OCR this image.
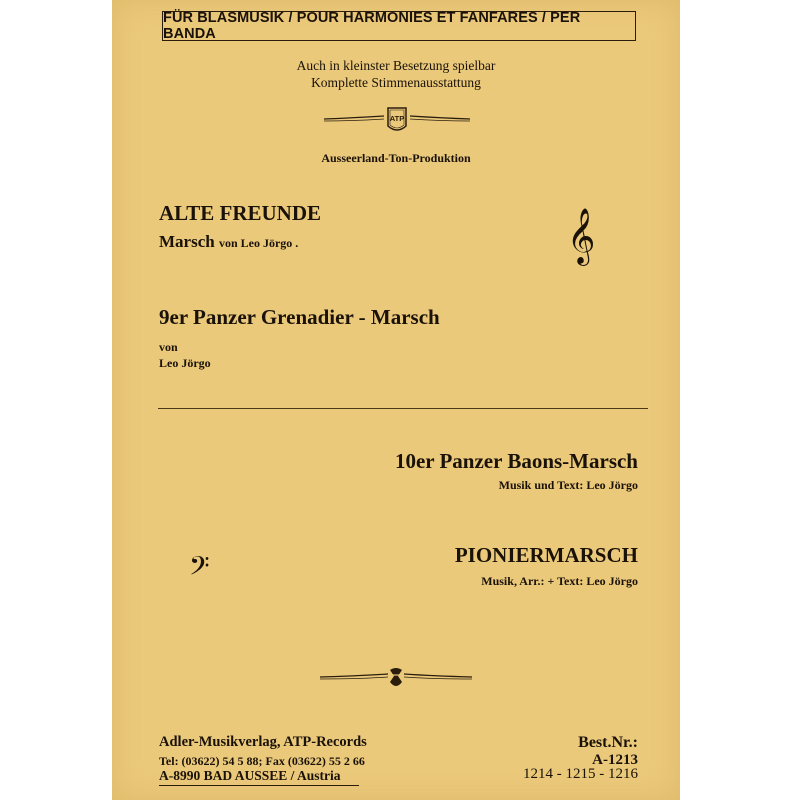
FÜR BLASMUSIK / POUR HARMONIES ET FANFARES / PER BANDA
Auch in kleinster Besetzung spielbar
Komplette Stimmenausstattung
ATP
Ausseerland-Ton-Produktion
ALTE FREUNDE
Marsch von Leo Jörgo .	𝄞
9er Panzer Grenadier - Marsch
von
Leo Jörgo
10er Panzer Baons-Marsch
Musik und Text: Leo Jörgo
𝄢	PIONIERMARSCH
Musik, Arr.: + Text: Leo Jörgo
Adler-Musikverlag, ATP-Records
Tel: (03622) 54 5 88; Fax (03622) 55 2 66
A-8990 BAD AUSSEE / Austria
Best.Nr.:
A-1213
1214 - 1215 - 1216
